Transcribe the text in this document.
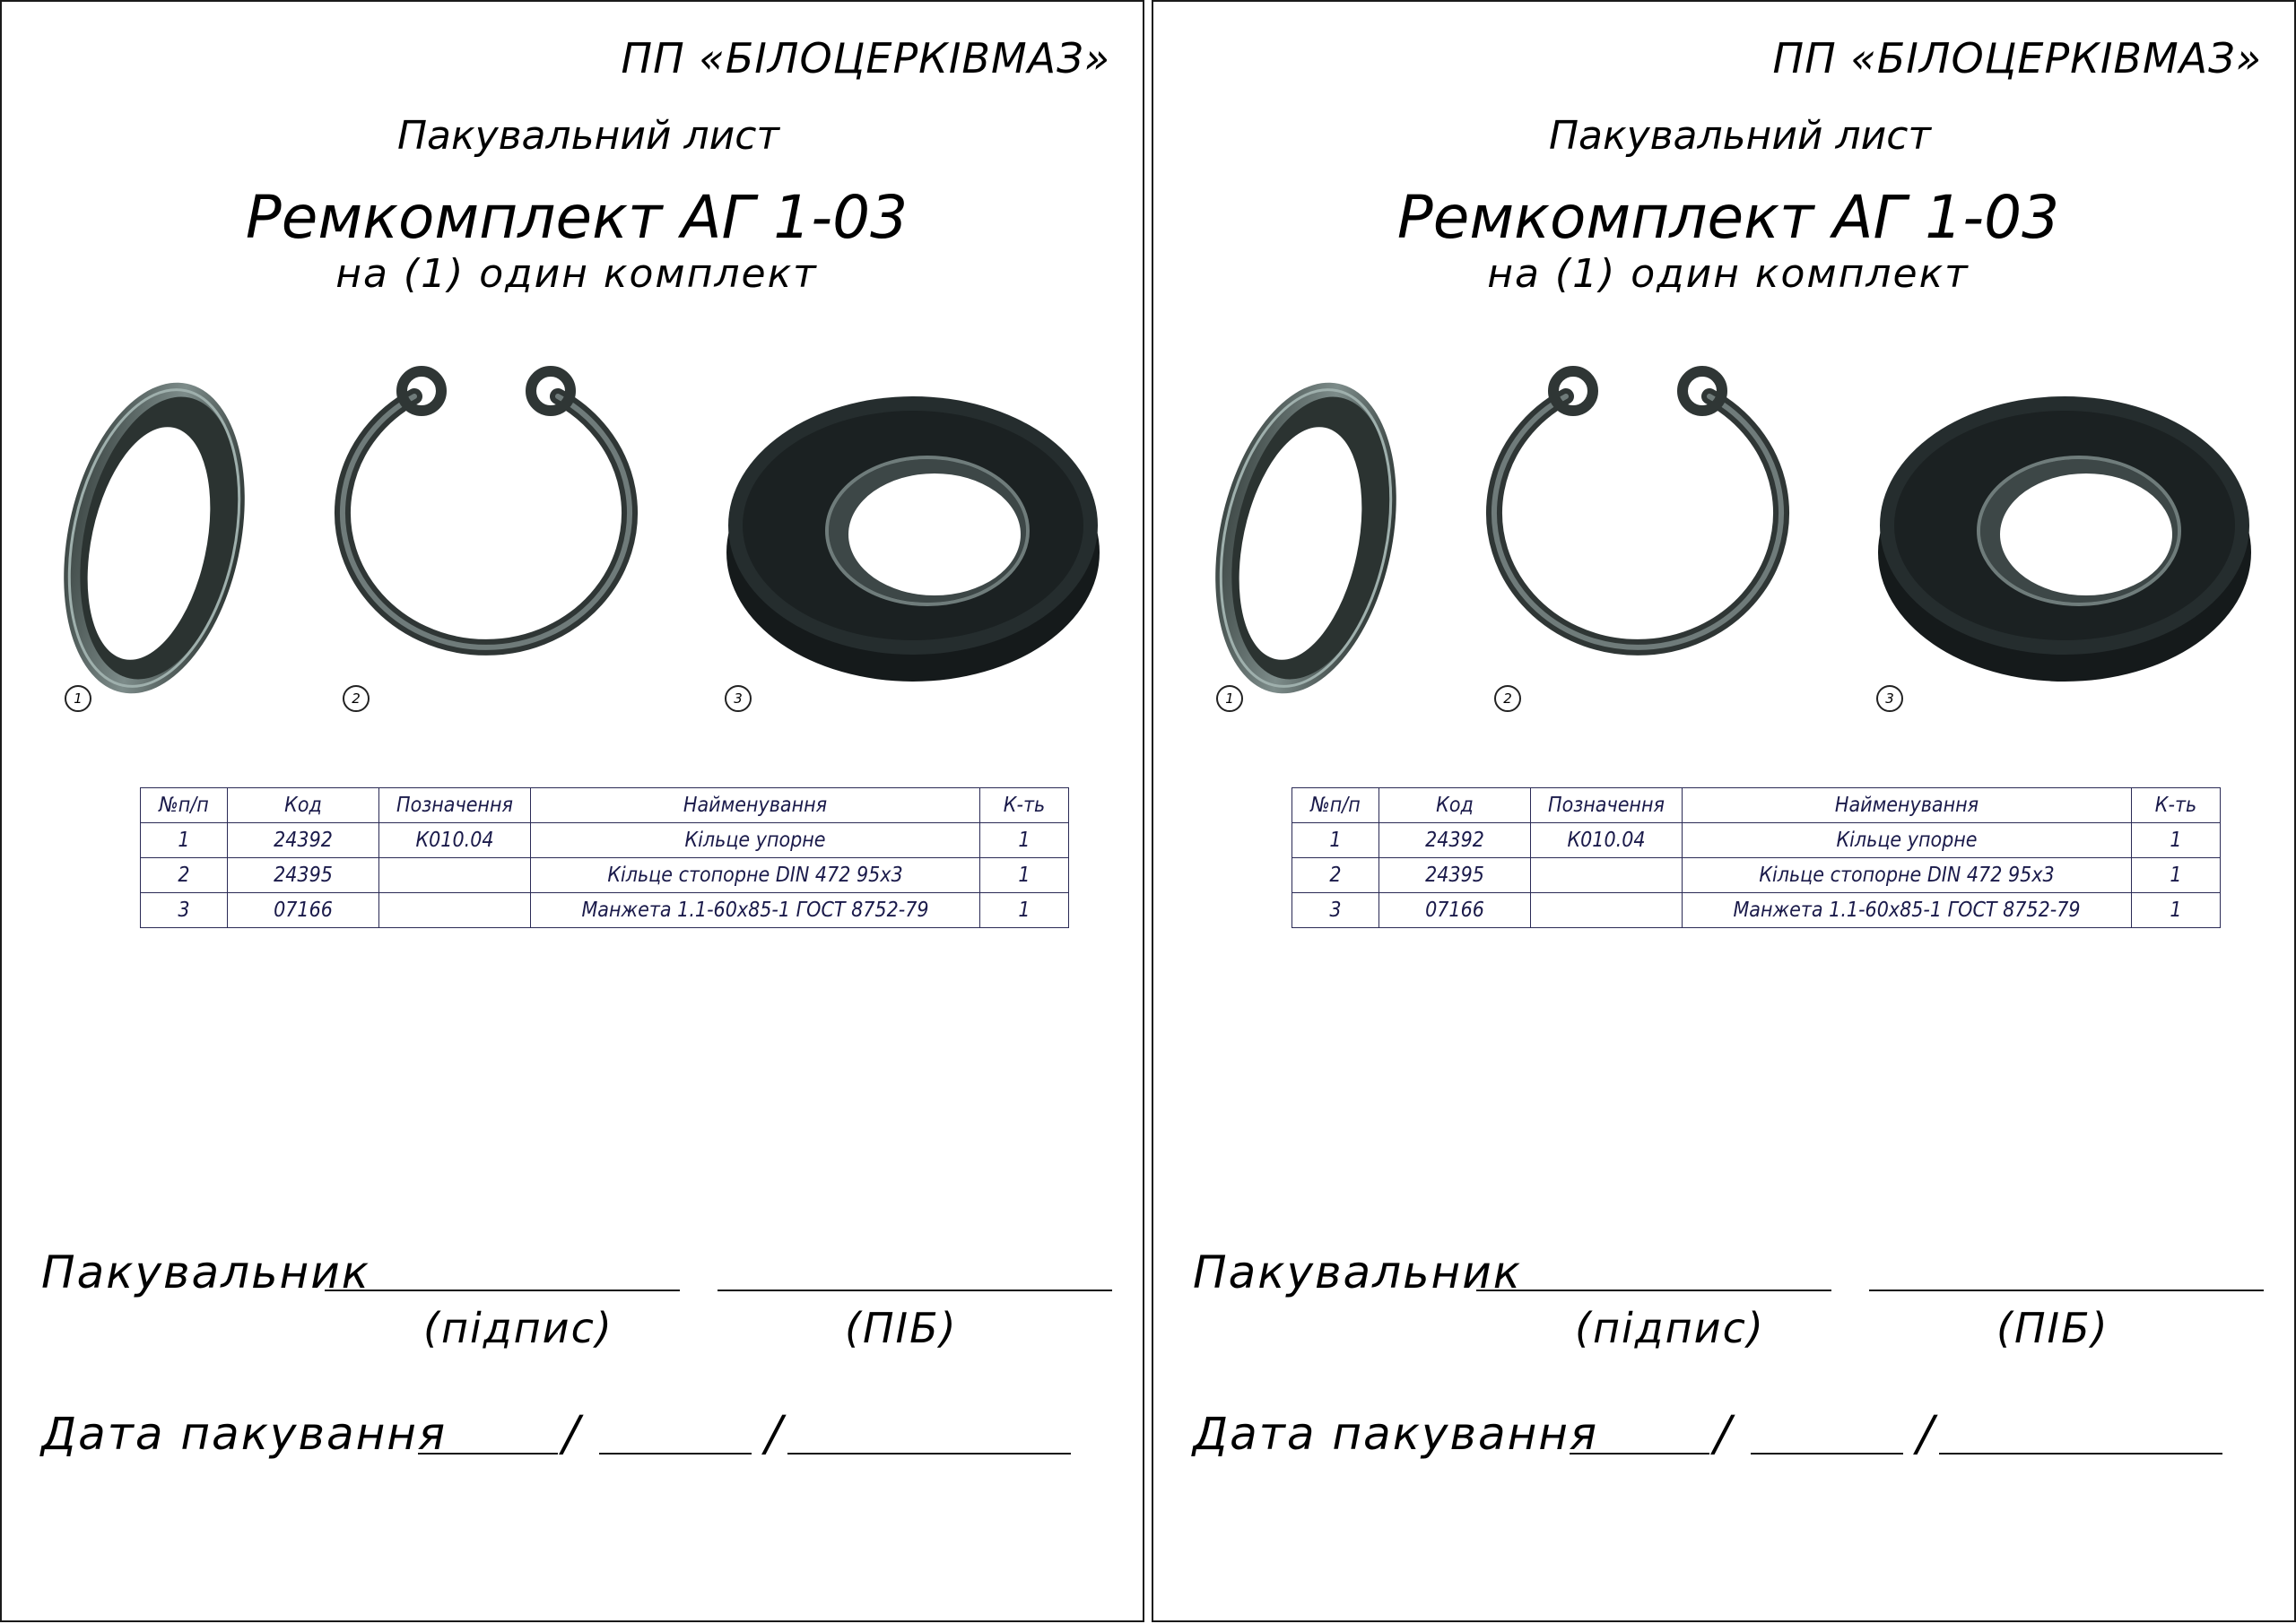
ПП «БІЛОЦЕРКІВМАЗ»
Пакувальний лист
Ремкомплект АГ 1-03
на (1) один комплект
1	2	3
№п/п	Код	Позначення	Найменування	К-ть
1	24392	К010.04	Кільце упорне	1
2	24395		Кільце стопорне DIN 472 95х3	1
3	07166		Манжета 1.1-60х85-1 ГОСТ 8752-79	1
Пакувальник
(підпис)	(ПІБ)
Дата пакування /	/
ПП «БІЛОЦЕРКІВМАЗ»
Пакувальний лист
Ремкомплект АГ 1-03
на (1) один комплект
1	2	3
№п/п	Код	Позначення	Найменування	К-ть
1	24392	К010.04	Кільце упорне	1
2	24395		Кільце стопорне DIN 472 95х3	1
3	07166		Манжета 1.1-60х85-1 ГОСТ 8752-79	1
Пакувальник
(підпис)	(ПІБ)
Дата пакування /	/
